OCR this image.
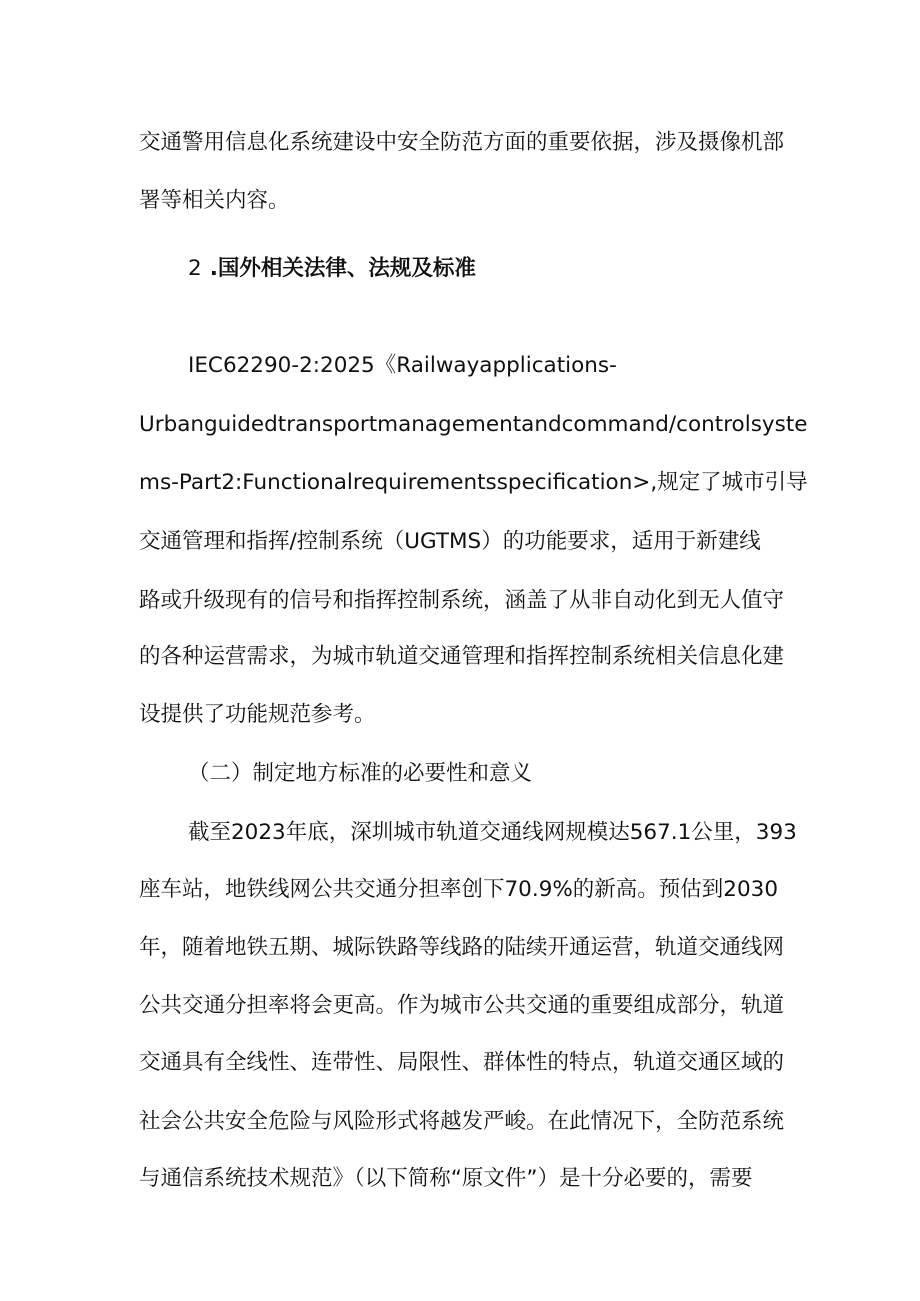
交通警用信息化系统建设中安全防范方面的重要依据，涉及摄像机部
署等相关内容。
2 .国外相关法律、法规及标准
IEC62290-2:2025《Railwayapplications-
Urbanguidedtransportmanagementandcommand/controlsyste
ms-Part2:Functionalrequirementsspecification>,规定了城市引导
交通管理和指挥/控制系统（UGTMS）的功能要求，适用于新建线
路或升级现有的信号和指挥控制系统，涵盖了从非自动化到无人值守
的各种运营需求，为城市轨道交通管理和指挥控制系统相关信息化建
设提供了功能规范参考。
（二）制定地方标准的必要性和意义
截至2023年底，深圳城市轨道交通线网规模达567.1公里，393
座车站，地铁线网公共交通分担率创下70.9%的新高。预估到2030
年，随着地铁五期、城际铁路等线路的陆续开通运营，轨道交通线网
公共交通分担率将会更高。作为城市公共交通的重要组成部分，轨道
交通具有全线性、连带性、局限性、群体性的特点，轨道交通区域的
社会公共安全危险与风险形式将越发严峻。在此情况下，全防范系统
与通信系统技术规范》（以下简称“原文件”）是十分必要的，需要
